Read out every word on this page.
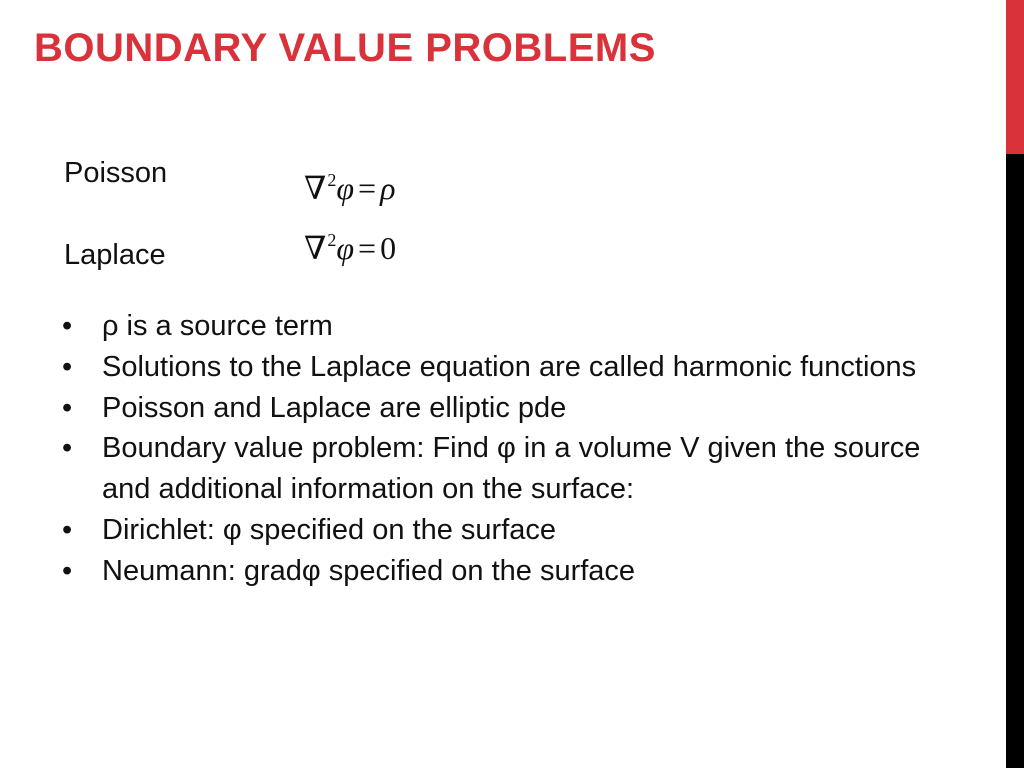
BOUNDARY VALUE PROBLEMS
Poisson	∇$^2$φ = ρ
Laplace	∇$^2$φ = 0
•	ρ is a source term
•	Solutions to the Laplace equation are called harmonic functions
•	Poisson and Laplace are elliptic pde
•	Boundary value problem: Find φ in a volume V given the source and additional information on the surface:
•	Dirichlet: φ specified on the surface
•	Neumann: gradφ specified on the surface
